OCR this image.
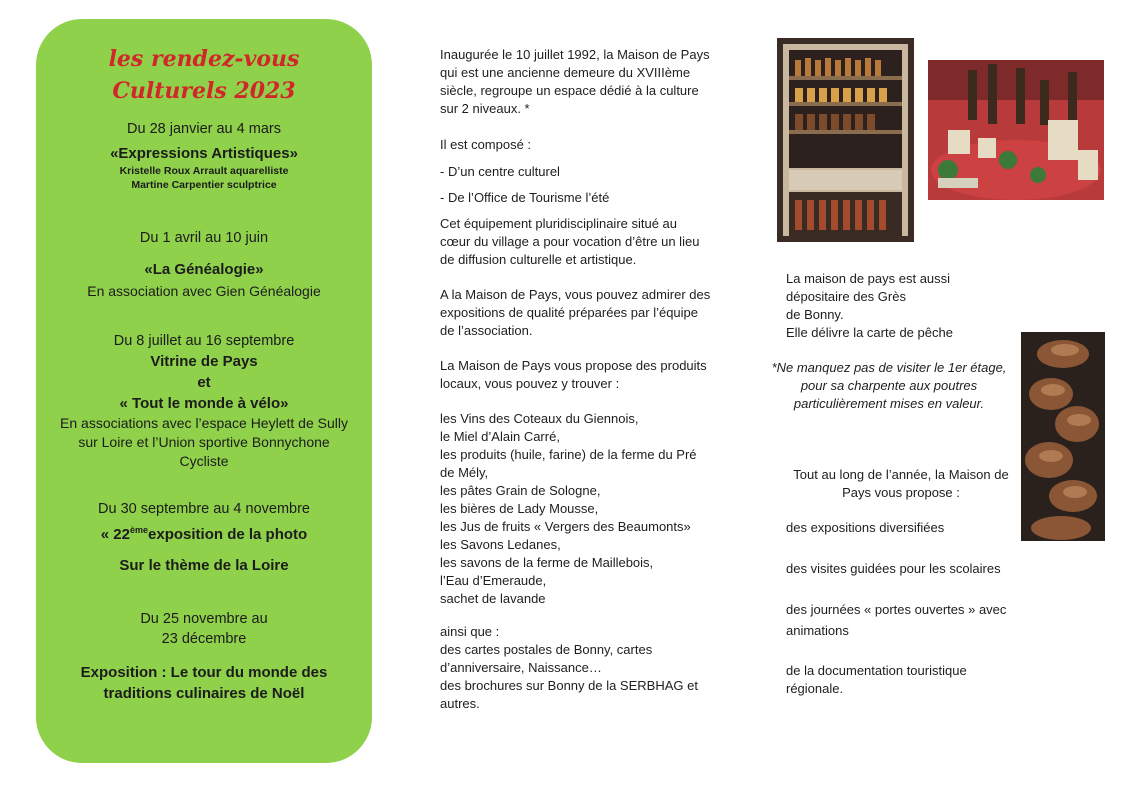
les rendez-vous
Culturels 2023
Du 28 janvier au 4 mars
«Expressions Artistiques»
Kristelle Roux Arrault aquarelliste
Martine Carpentier sculptrice
Du 1 avril au 10 juin
«La Généalogie»
En association avec Gien Généalogie
Du 8 juillet au 16 septembre
Vitrine de Pays
et
« Tout le monde à vélo»
En associations avec l’espace Heylett de Sully
sur Loire et l’Union sportive Bonnychone
Cycliste
Du 30 septembre au 4 novembre
« 22èmeexposition de la photo
Sur le thème de la Loire
Du 25 novembre au
23 décembre
Exposition : Le tour du monde des
traditions culinaires de Noël

Inaugurée le 10 juillet 1992, la Maison de Pays
qui est une ancienne demeure du XVIIIème
siècle, regroupe un espace dédié à la culture
sur 2 niveaux. *

Il est composé :

- D’un centre culturel

- De l’Office de Tourisme l’été

Cet équipement pluridisciplinaire situé au
cœur du village a pour vocation d’être un lieu
de diffusion culturelle et artistique.

A la Maison de Pays, vous pouvez admirer des
expositions de qualité préparées par l’équipe
de l’association.

La Maison de Pays vous propose des produits
locaux, vous pouvez y trouver :

les Vins des Coteaux du Giennois,
le Miel d’Alain Carré,
les produits (huile, farine) de la ferme du Pré
de Mély,
les pâtes Grain de Sologne,
les bières de Lady Mousse,
les Jus de fruits « Vergers des Beaumonts»
les Savons Ledanes,
les savons de la ferme de Maillebois,
l’Eau d’Emeraude,
sachet de lavande
ainsi que :
des cartes postales de Bonny, cartes
d’anniversaire, Naissance…
des brochures sur Bonny de la SERBHAG et
autres.

La maison de pays est aussi dépositaire des Grès
de Bonny.

Elle délivre la carte de pêche

*Ne manquez pas de visiter le 1er étage,
pour sa charpente aux poutres
particulièrement mises en valeur.

Tout au long de l’année, la Maison de
Pays vous propose :

des expositions diversifiées

des visites guidées pour les scolaires

des journées « portes ouvertes » avec

animations

de la documentation touristique régionale.
